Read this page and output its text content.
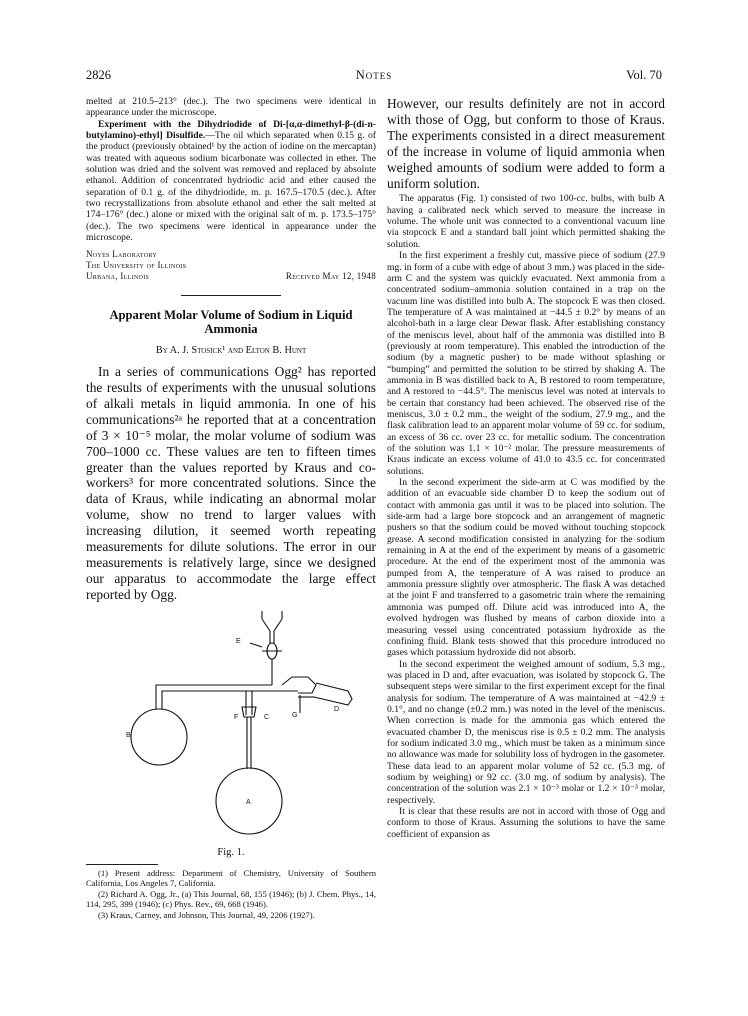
2826	Notes	Vol. 70

melted at 210.5–213° (dec.). The two specimens were identical in appearance under the microscope.

Experiment with the Dihydriodide of Di-[α,α-dimethyl-β-(di-n-butylamino)-ethyl] Disulfide.—The oil which separated when 0.15 g. of the product (previously obtained¹ by the action of iodine on the mercaptan) was treated with aqueous sodium bicarbonate was collected in ether. The solution was dried and the solvent was removed and replaced by absolute ethanol. Addition of concentrated hydriodic acid and ether caused the separation of 0.1 g. of the dihydriodide, m. p. 167.5–170.5 (dec.). After two recrystallizations from absolute ethanol and ether the salt melted at 174–176° (dec.) alone or mixed with the original salt of m. p. 173.5–175° (dec.). The two specimens were identical in appearance under the microscope.

Noyes Laboratory
The University of Illinois
Urbana, Illinois	Received May 12, 1948
Apparent Molar Volume of Sodium in Liquid Ammonia
By A. J. Stosick¹ and Elton B. Hunt

In a series of communications Ogg² has reported the results of experiments with the unusual solutions of alkali metals in liquid ammonia. In one of his communications²ᵃ he reported that at a concentration of 3 × 10⁻⁵ molar, the molar volume of sodium was 700–1000 cc. These values are ten to fifteen times greater than the values reported by Kraus and co-workers³ for more concentrated solutions. Since the data of Kraus, while indicating an abnormal molar volume, show no trend to larger values with increasing dilution, it seemed worth repeating measurements for dilute solutions. The error in our measurements is relatively large, since we designed our apparatus to accommodate the large effect reported by Ogg.

E
D
G
C
F
A
B
Fig. 1.

(1) Present address: Department of Chemistry, University of Southern California, Los Angeles 7, California.

(2) Richard A. Ogg, Jr., (a) This Journal, 68, 155 (1946); (b) J. Chem. Phys., 14, 114, 295, 399 (1946); (c) Phys. Rev., 69, 668 (1946).

(3) Kraus, Carney, and Johnson, This Journal, 49, 2206 (1927).

However, our results definitely are not in accord with those of Ogg, but conform to those of Kraus. The experiments consisted in a direct measurement of the increase in volume of liquid ammonia when weighed amounts of sodium were added to form a uniform solution.

The apparatus (Fig. 1) consisted of two 100-cc. bulbs, with bulb A having a calibrated neck which served to measure the increase in volume. The whole unit was connected to a conventional vacuum line via stopcock E and a standard ball joint which permitted shaking the solution.

In the first experiment a freshly cut, massive piece of sodium (27.9 mg. in form of a cube with edge of about 3 mm.) was placed in the side-arm C and the system was quickly evacuated. Next ammonia from a concentrated sodium–ammonia solution contained in a trap on the vacuum line was distilled into bulb A. The stopcock E was then closed. The temperature of A was maintained at −44.5 ± 0.2° by means of an alcohol-bath in a large clear Dewar flask. After establishing constancy of the meniscus level, about half of the ammonia was distilled into B (previously at room temperature). This enabled the introduction of the sodium (by a magnetic pusher) to be made without splashing or “bumping” and permitted the solution to be stirred by shaking A. The ammonia in B was distilled back to A, B restored to room temperature, and A restored to −44.5°. The meniscus level was noted at intervals to be certain that constancy had been achieved. The observed rise of the meniscus, 3.0 ± 0.2 mm., the weight of the sodium, 27.9 mg., and the flask calibration lead to an apparent molar volume of 59 cc. for sodium, an excess of 36 cc. over 23 cc. for metallic sodium. The concentration of the solution was 1.1 × 10⁻² molar. The pressure measurements of Kraus indicate an excess volume of 41.0 to 43.5 cc. for concentrated solutions.

In the second experiment the side-arm at C was modified by the addition of an evacuable side chamber D to keep the sodium out of contact with ammonia gas until it was to be placed into solution. The side-arm had a large bore stopcock and an arrangement of magnetic pushers so that the sodium could be moved without touching stopcock grease. A second modification consisted in analyzing for the sodium remaining in A at the end of the experiment by means of a gasometric procedure. At the end of the experiment most of the ammonia was pumped from A, the temperature of A was raised to produce an ammonia pressure slightly over atmospheric. The flask A was detached at the joint F and transferred to a gasometric train where the remaining ammonia was pumped off. Dilute acid was introduced into A, the evolved hydrogen was flushed by means of carbon dioxide into a measuring vessel using concentrated potassium hydroxide as the confining fluid. Blank tests showed that this procedure introduced no gases which potassium hydroxide did not absorb.

In the second experiment the weighed amount of sodium, 5.3 mg., was placed in D and, after evacuation, was isolated by stopcock G. The subsequent steps were similar to the first experiment except for the final analysis for sodium. The temperature of A was maintained at −42.9 ± 0.1°, and no change (±0.2 mm.) was noted in the level of the meniscus. When correction is made for the ammonia gas which entered the evacuated chamber D, the meniscus rise is 0.5 ± 0.2 mm. The analysis for sodium indicated 3.0 mg., which must be taken as a minimum since no allowance was made for solubility loss of hydrogen in the gasometer. These data lead to an apparent molar volume of 52 cc. (5.3 mg. of sodium by weighing) or 92 cc. (3.0 mg. of sodium by analysis). The concentration of the solution was 2.1 × 10⁻³ molar or 1.2 × 10⁻³ molar, respectively.

It is clear that these results are not in accord with those of Ogg and conform to those of Kraus. Assuming the solutions to have the same coefficient of expansion as
